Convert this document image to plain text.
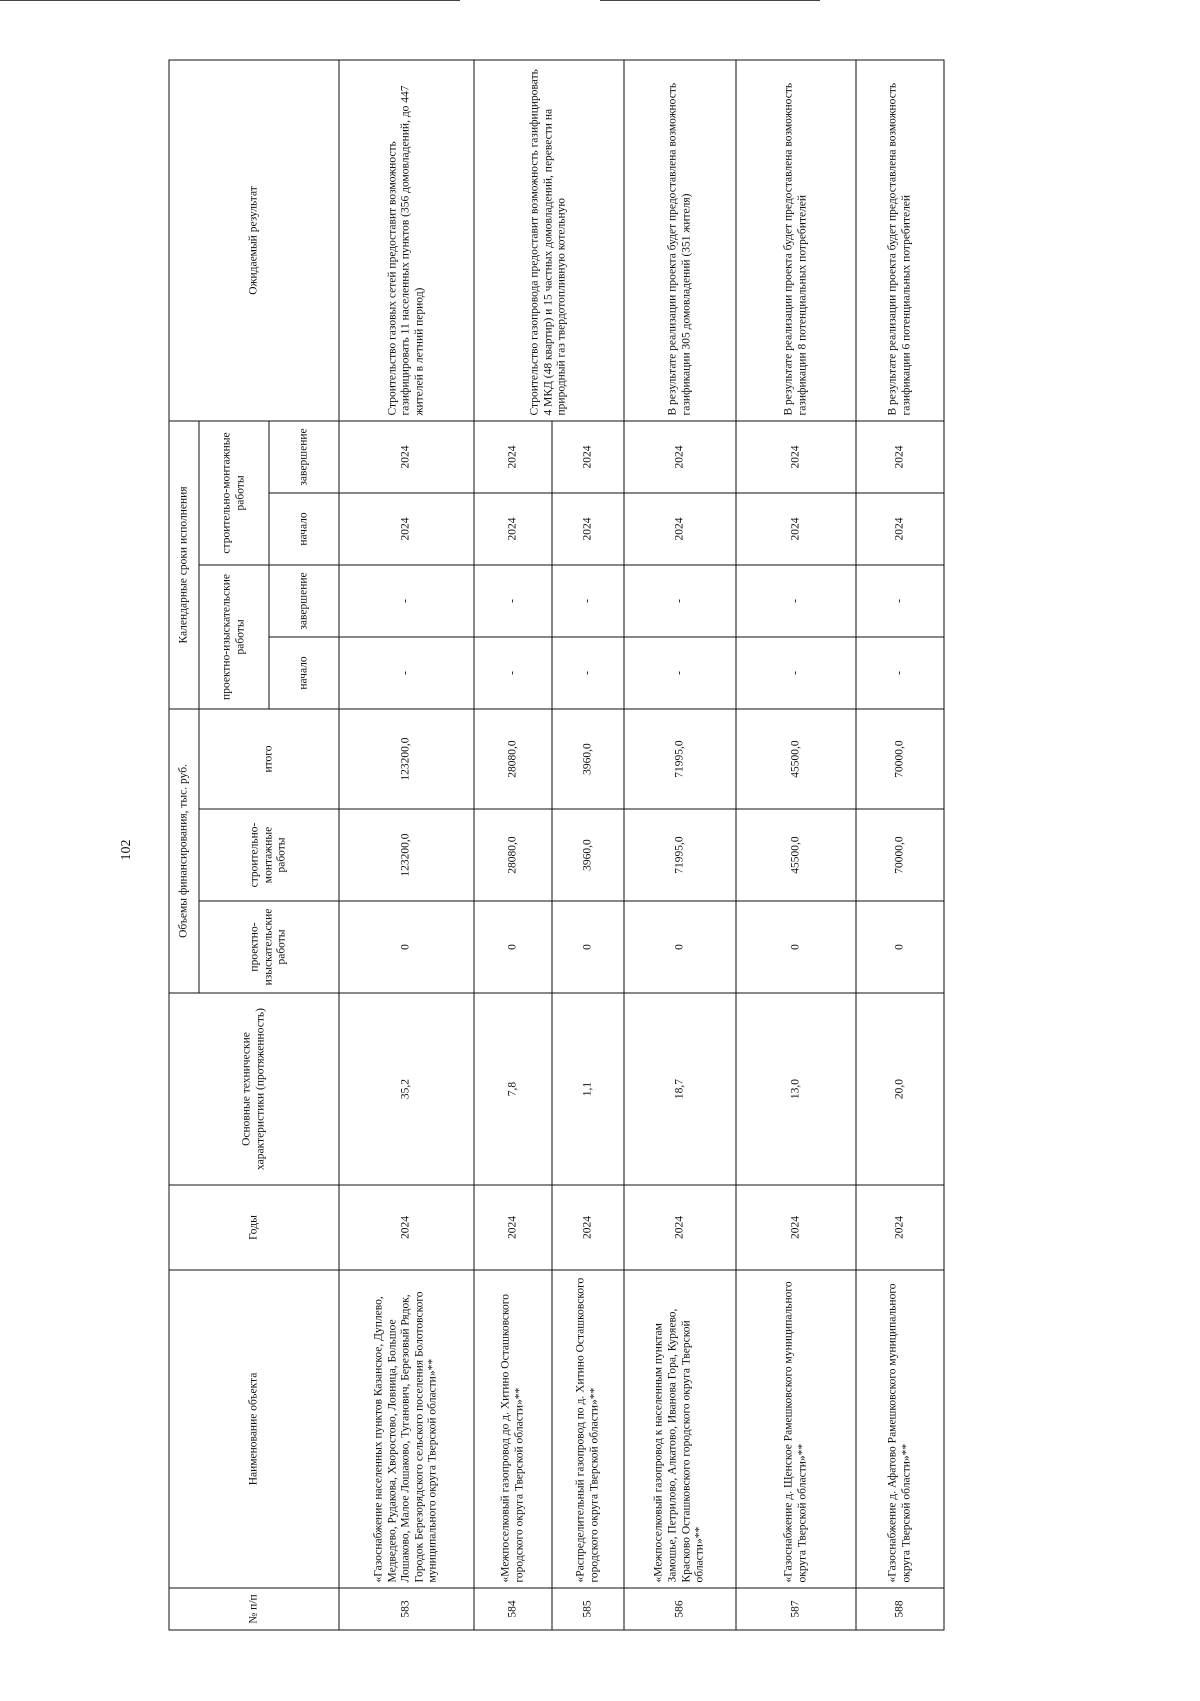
102
№ п/п	Наименование объекта	Годы	Основные технические характеристики (протяженность)	Объемы финансирования, тыс. руб.			Календарные сроки исполнения				Ожидаемый результат
				проектно-изыскательские работы	строительно-монтажные работы	итого	проектно-изыскательские работы		строительно-монтажные работы		
							начало	завершение	начало	завершение	
583	«Газоснабжение населенных пунктов Казанское, Дуплево, Медведево, Рудакова, Хворостово, Ловница, Большое Лошаково, Малое Лошаково, Туганович, Березовый Рядок, Городок Березорядского сельского поселения Болотовского муниципального округа Тверской области»**	2024	35,2	0	123200,0	123200,0	-	-	2024	2024	Строительство газовых сетей предоставит возможность газифицировать 11 населенных пунктов (356 домовладений, до 447 жителей в летний период)
584	«Межпоселковый газопровод до д. Хитино Осташковского городского округа Тверской области»**	2024	7,8	0	28080,0	28080,0	-	-	2024	2024	Строительство газопровода предоставит возможность газифицировать 4 МКД (48 квартир) и 15 частных домовладений, перевести на природный газ твердотопливную котельную
585	«Распределительный газопровод по д. Хитино Осташковского городского округа Тверской области»**	2024	1,1	0	3960,0	3960,0	-	-	2024	2024	
586	«Межпоселковый газопровод к населенным пунктам Замошье, Петрилово, Алкатово, Иванова Гора, Куряево, Красково Осташковского городского округа Тверской области»**	2024	18,7	0	71995,0	71995,0	-	-	2024	2024	В результате реализации проекта будет предоставлена возможность газификации 305 домовладений (351 жителя)
587	«Газоснабжение д. Щенское Рамешковского муниципального округа Тверской области»**	2024	13,0	0	45500,0	45500,0	-	-	2024	2024	В результате реализации проекта будет предоставлена возможность газификации 8 потенциальных потребителей
588	«Газоснабжение д. Афатово Рамешковского муниципального округа Тверской области»**	2024	20,0	0	70000,0	70000,0	-	-	2024	2024	В результате реализации проекта будет предоставлена возможность газификации 6 потенциальных потребителей
